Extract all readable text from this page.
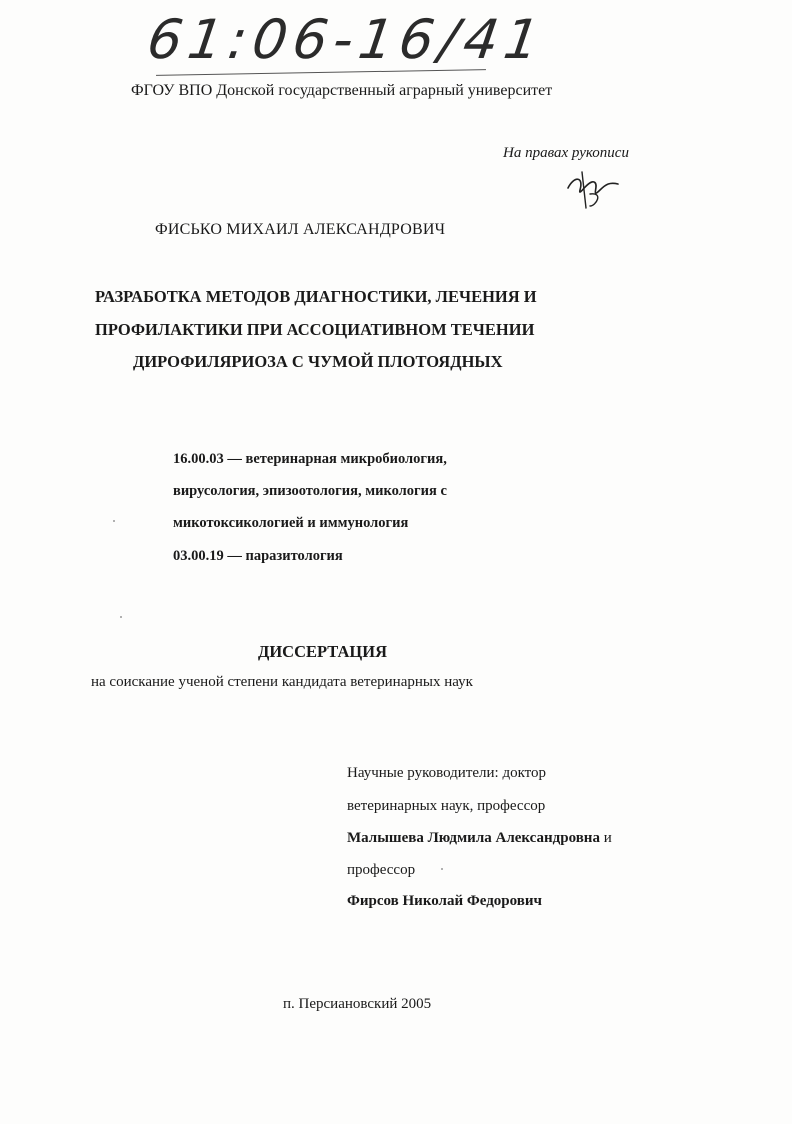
61:06-16/41
ФГОУ ВПО Донской государственный аграрный университет
На правах рукописи
ФИСЬКО МИХАИЛ АЛЕКСАНДРОВИЧ
РАЗРАБОТКА МЕТОДОВ ДИАГНОСТИКИ, ЛЕЧЕНИЯ И
ПРОФИЛАКТИКИ ПРИ АССОЦИАТИВНОМ ТЕЧЕНИИ
ДИРОФИЛЯРИОЗА С ЧУМОЙ ПЛОТОЯДНЫХ
16.00.03 — ветеринарная микробиология,
вирусология, эпизоотология, микология с
микотоксикологией и иммунология
03.00.19 — паразитология
ДИССЕРТАЦИЯ
на соискание ученой степени кандидата ветеринарных наук
Научные руководители: доктор
ветеринарных наук, профессор
Малышева Людмила Александровна и
профессор
Фирсов Николай Федорович
п. Персиановский 2005
